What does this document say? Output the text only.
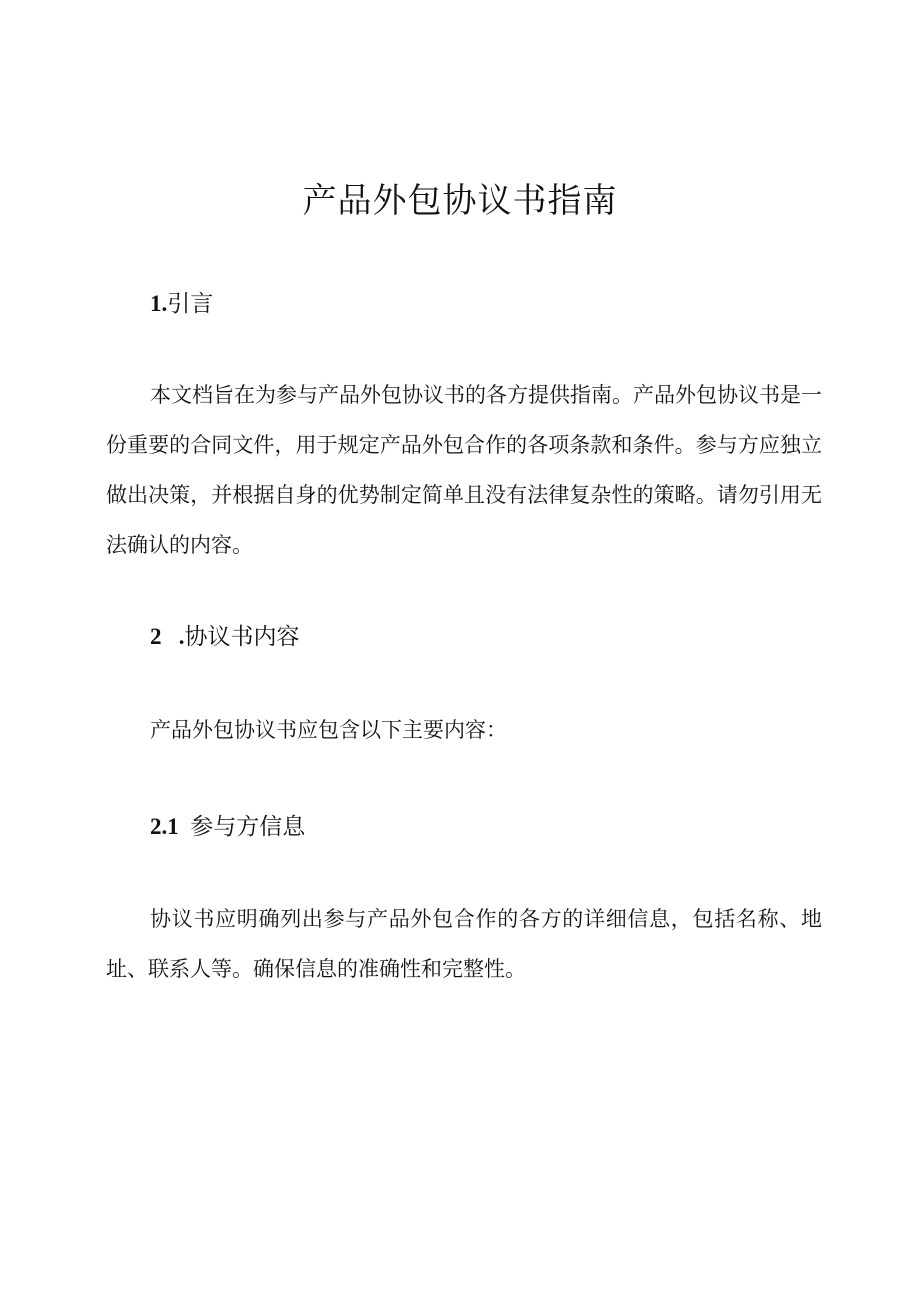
产品外包协议书指南
1.引言

本文档旨在为参与产品外包协议书的各方提供指南。产品外包协议书是一份重要的合同文件，用于规定产品外包合作的各项条款和条件。参与方应独立做出决策，并根据自身的优势制定简单且没有法律复杂性的策略。请勿引用无法确认的内容。

2   .协议书内容

产品外包协议书应包含以下主要内容：

2.1  参与方信息

协议书应明确列出参与产品外包合作的各方的详细信息，包括名称、地址、联系人等。确保信息的准确性和完整性。
